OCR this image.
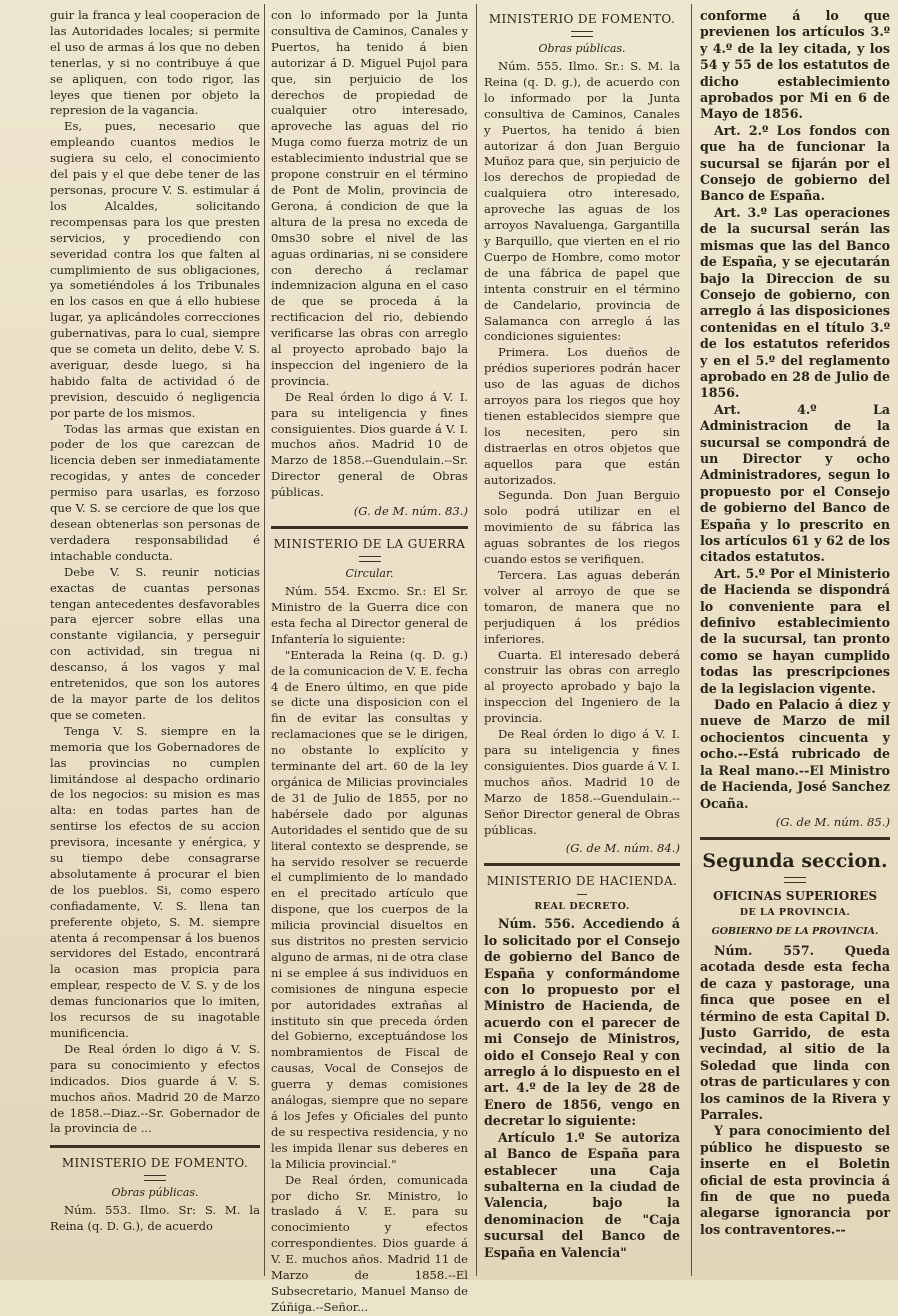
guir la franca y leal cooperacion de las Autoridades locales; si permite el uso de armas á los que no deben tenerlas, y si no contribuye á que se apliquen, con todo rigor, las leyes que tienen por objeto la represion de la vagancia.

Es, pues, necesario que empleando cuantos medios le sugiera su celo, el conocimiento del pais y el que debe tener de las personas, procure V. S. estimular á los Alcaldes, solicitando recompensas para los que presten servicios, y procediendo con severidad contra los que falten al cumplimiento de sus obligaciones, ya sometiéndoles á los Tribunales en los casos en que á ello hubiese lugar, ya aplicándoles correcciones gubernativas, para lo cual, siempre que se cometa un delito, debe V. S. averiguar, desde luego, si ha habido falta de actividad ó de prevision, descuido ó negligencia por parte de los mismos.

Todas las armas que existan en poder de los que carezcan de licencia deben ser inmediatamente recogidas, y antes de conceder permiso para usarlas, es forzoso que V. S. se cerciore de que los que desean obtenerlas son personas de verdadera responsabilidad é intachable conducta.

Debe V. S. reunir noticias exactas de cuantas personas tengan antecedentes desfavorables para ejercer sobre ellas una constante vigilancia, y perseguir con actividad, sin tregua ni descanso, á los vagos y mal entretenidos, que son los autores de la mayor parte de los delitos que se cometen.

Tenga V. S. siempre en la memoria que los Gobernadores de las provincias no cumplen limitándose al despacho ordinario de los negocios: su mision es mas alta: en todas partes han de sentirse los efectos de su accion previsora, incesante y enérgica, y su tiempo debe consagrarse absolutamente á procurar el bien de los pueblos. Si, como espero confiadamente, V. S. llena tan preferente objeto, S. M. siempre atenta á recompensar á los buenos servidores del Estado, encontrará la ocasion mas propicia para emplear, respecto de V. S. y de los demas funcionarios que lo imiten, los recursos de su inagotable munificencia.

De Real órden lo digo á V. S. para su conocimiento y efectos indicados. Dios guarde á V. S. muchos años. Madrid 20 de Marzo de 1858.--Diaz.--Sr. Gobernador de la provincia de ...

MINISTERIO DE FOMENTO.
Obras públicas.

Núm. 553. Ilmo. Sr: S. M. la Reina (q. D. G.), de acuerdo

con lo informado por la Junta consultiva de Caminos, Canales y Puertos, ha tenido á bien autorizar á D. Miguel Pujol para que, sin perjuicio de los derechos de propiedad de cualquier otro interesado, aproveche las aguas del rio Muga como fuerza motriz de un establecimiento industrial que se propone construir en el término de Pont de Molin, provincia de Gerona, á condicion de que la altura de la presa no exceda de 0ms30 sobre el nivel de las aguas ordinarias, ni se considere con derecho á reclamar indemnizacion alguna en el caso de que se proceda á la rectificacion del rio, debiendo verificarse las obras con arreglo al proyecto aprobado bajo la inspeccion del ingeniero de la provincia.

De Real órden lo digo á V. I. para su inteligencia y fines consiguientes. Dios guarde á V. I. muchos años. Madrid 10 de Marzo de 1858.--Guendulain.--Sr. Director general de Obras públicas.

(G. de M. núm. 83.)
MINISTERIO DE LA GUERRA
Circular.

Núm. 554. Excmo. Sr.: El Sr. Ministro de la Guerra dice con esta fecha al Director general de Infantería lo siguiente:

"Enterada la Reina (q. D. g.) de la comunicacion de V. E. fecha 4 de Enero último, en que pide se dicte una disposicion con el fin de evitar las consultas y reclamaciones que se le dirigen, no obstante lo explícito y terminante del art. 60 de la ley orgánica de Milicias provinciales de 31 de Julio de 1855, por no habérsele dado por algunas Autoridades el sentido que de su literal contexto se desprende, se ha servido resolver se recuerde el cumplimiento de lo mandado en el precitado artículo que dispone, que los cuerpos de la milicia provincial disueltos en sus distritos no presten servicio alguno de armas, ni de otra clase ni se emplee á sus individuos en comisiones de ninguna especie por autoridades extrañas al instituto sin que preceda órden del Gobierno, exceptuándose los nombramientos de Fiscal de causas, Vocal de Consejos de guerra y demas comisiones análogas, siempre que no separe á los Jefes y Oficiales del punto de su respectiva residencia, y no les impida llenar sus deberes en la Milicia provincial."

De Real órden, comunicada por dicho Sr. Ministro, lo traslado á V. E. para su conocimiento y efectos correspondientes. Dios guarde á V. E. muchos años. Madrid 11 de Marzo de 1858.--El Subsecretario, Manuel Manso de Zúñiga.--Señor...

MINISTERIO DE FOMENTO.
Obras públicas.

Núm. 555. Ilmo. Sr.: S. M. la Reina (q. D. g.), de acuerdo con lo informado por la Junta consultiva de Caminos, Canales y Puertos, ha tenido á bien autorizar á don Juan Berguio Muñoz para que, sin perjuicio de los derechos de propiedad de cualquiera otro interesado, aproveche las aguas de los arroyos Navaluenga, Gargantilla y Barquillo, que vierten en el rio Cuerpo de Hombre, como motor de una fábrica de papel que intenta construir en el término de Candelario, provincia de Salamanca con arreglo á las condiciones siguientes:

Primera. Los dueños de prédios superiores podrán hacer uso de las aguas de dichos arroyos para los riegos que hoy tienen establecidos siempre que los necesiten, pero sin distraerlas en otros objetos que aquellos para que están autorizados.

Segunda. Don Juan Berguio solo podrá utilizar en el movimiento de su fábrica las aguas sobrantes de los riegos cuando estos se verifiquen.

Tercera. Las aguas deberán volver al arroyo de que se tomaron, de manera que no perjudiquen á los prédios inferiores.

Cuarta. El interesado deberá construir las obras con arreglo al proyecto aprobado y bajo la inspeccion del Ingeniero de la provincia.

De Real órden lo digo á V. I. para su inteligencia y fines consiguientes. Dios guarde á V. I. muchos años. Madrid 10 de Marzo de 1858.--Guendulain.--Señor Director general de Obras públicas.

(G. de M. núm. 84.)
MINISTERIO DE HACIENDA.
REAL DECRETO.

Núm. 556. Accediendo á lo solicitado por el Consejo de gobierno del Banco de España y conformándome con lo propuesto por el Ministro de Hacienda, de acuerdo con el parecer de mi Consejo de Ministros, oido el Consejo Real y con arreglo á lo dispuesto en el art. 4.º de la ley de 28 de Enero de 1856, vengo en decretar lo siguiente:

Artículo 1.º Se autoriza al Banco de España para establecer una Caja subalterna en la ciudad de Valencia, bajo la denominacion de "Caja sucursal del Banco de España en Valencia"

conforme á lo que previenen los artículos 3.º y 4.º de la ley citada, y los 54 y 55 de los estatutos de dicho establecimiento aprobados por Mi en 6 de Mayo de 1856.

Art. 2.º Los fondos con que ha de funcionar la sucursal se fijarán por el Consejo de gobierno del Banco de España.

Art. 3.º Las operaciones de la sucursal serán las mismas que las del Banco de España, y se ejecutarán bajo la Direccion de su Consejo de gobierno, con arreglo á las disposiciones contenidas en el título 3.º de los estatutos referidos y en el 5.º del reglamento aprobado en 28 de Julio de 1856.

Art. 4.º La Administracion de la sucursal se compondrá de un Director y ocho Administradores, segun lo propuesto por el Consejo de gobierno del Banco de España y lo prescrito en los artículos 61 y 62 de los citados estatutos.

Art. 5.º Por el Ministerio de Hacienda se dispondrá lo conveniente para el definivo establecimiento de la sucursal, tan pronto como se hayan cumplido todas las prescripciones de la legislacion vigente.

Dado en Palacio á diez y nueve de Marzo de mil ochocientos cincuenta y ocho.--Está rubricado de la Real mano.--El Ministro de Hacienda, José Sanchez Ocaña.

(G. de M. núm. 85.)
Segunda seccion.
OFICINAS SUPERIORES
DE LA PROVINCIA.
GOBIERNO DE LA PROVINCIA.

Núm. 557. Queda acotada desde esta fecha de caza y pastorage, una finca que posee en el término de esta Capital D. Justo Garrido, de esta vecindad, al sitio de la Soledad que linda con otras de particulares y con los caminos de la Rivera y Parrales.

Y para conocimiento del público he dispuesto se inserte en el Boletin oficial de esta provincia á fin de que no pueda alegarse ignorancia por los contraventores.--
